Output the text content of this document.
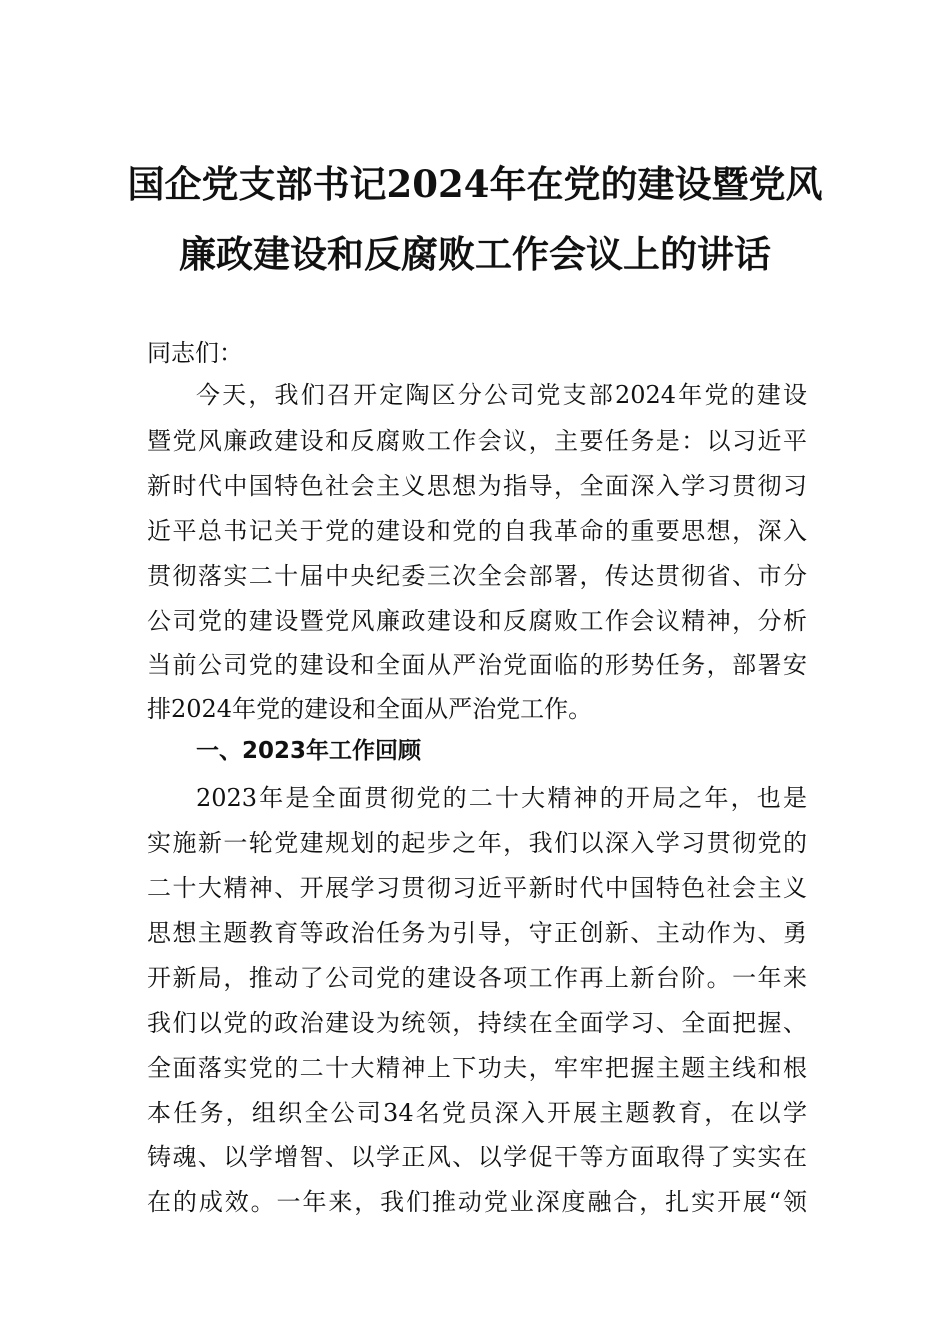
国企党支部书记2024年在党的建设暨党风
廉政建设和反腐败工作会议上的讲话
同志们：
今天，我们召开定陶区分公司党支部2024年党的建设
暨党风廉政建设和反腐败工作会议，主要任务是：以习近平
新时代中国特色社会主义思想为指导，全面深入学习贯彻习
近平总书记关于党的建设和党的自我革命的重要思想，深入
贯彻落实二十届中央纪委三次全会部署，传达贯彻省、市分
公司党的建设暨党风廉政建设和反腐败工作会议精神，分析
当前公司党的建设和全面从严治党面临的形势任务，部署安
排2024年党的建设和全面从严治党工作。
一、2023年工作回顾
2023年是全面贯彻党的二十大精神的开局之年，也是
实施新一轮党建规划的起步之年，我们以深入学习贯彻党的
二十大精神、开展学习贯彻习近平新时代中国特色社会主义
思想主题教育等政治任务为引导，守正创新、主动作为、勇
开新局，推动了公司党的建设各项工作再上新台阶。一年来
我们以党的政治建设为统领，持续在全面学习、全面把握、
全面落实党的二十大精神上下功夫，牢牢把握主题主线和根
本任务，组织全公司34名党员深入开展主题教育，在以学
铸魂、以学增智、以学正风、以学促干等方面取得了实实在
在的成效。一年来，我们推动党业深度融合，扎实开展“领
